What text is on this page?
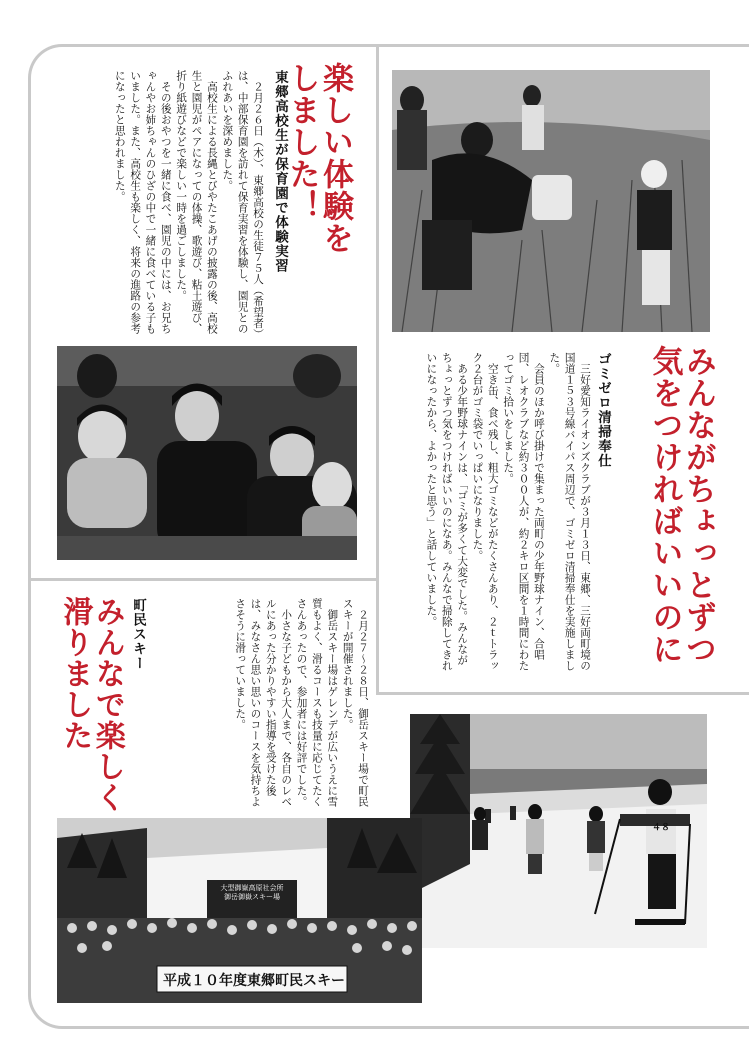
楽しい体験を
しました！
東郷高校生が保育園で体験実習

２月２６日（木）、東郷高校の生徒７５人（希望者）は、中部保育園を訪れて保育実習を体験し、園児とのふれあいを深めました。

高校生による長縄とびやたこあげの披露の後、高校生と園児がペアになっての体操、歌遊び、粘土遊び、折り紙遊びなどで楽しい一時を過ごしました。

その後おやつを一緒に食べ、園児の中には、お兄ちゃんやお姉ちゃんのひざの中で一緒に食べている子もいました。また、高校生も楽しく、将来の進路の参考になったと思われました。

みんながちょっとずつ
気をつければいいのに
ゴミゼロ清掃奉仕

三好愛知ライオンズクラブが３月１３日、東郷、三好両町境の国道１５３号線バイパス周辺で、ゴミゼロ清掃奉仕を実施しました。

会員のほか呼び掛けで集まった両町の少年野球ナイン、合唱団、レオクラブなど約３００人が、約２キロ区間を１時間にわたってゴミ拾いをしました。

空き缶、食べ残し、粗大ゴミなどがたくさんあり、２ｔトラック２台がゴミ袋でいっぱいになりました。

ある少年野球ナインは、「ゴミが多くて大変でした。みんながちょっとずつ気をつければいいのになあ。みんなで掃除してきれいになったから、よかったと思う」と話していました。

みんなで楽しく
滑りました	町民スキー	２月２７〜２８日、御岳スキー場で町民スキーが開催されました。

御岳スキー場はゲレンデが広いうえに雪質もよく、滑るコースも技量に応じてたくさんあったので、参加者には好評でした。

小さな子どもから大人まで、各自のレベルにあった分かりやすい指導を受けた後は、みなさん思い思いのコースを気持ちよさそうに滑っていました。

４８
大型御嶽高原社会所
御岳御嶽スキー場
平成１０年度東郷町民スキー
